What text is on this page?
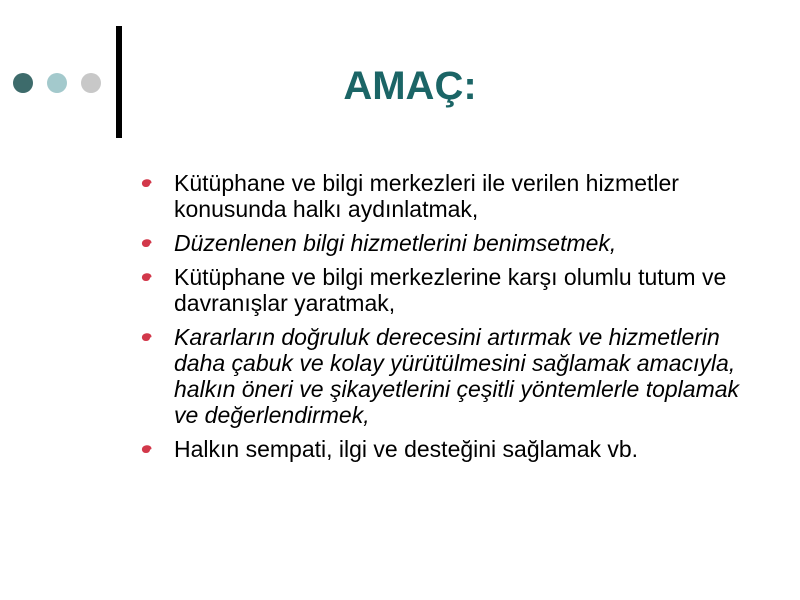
AMAÇ:
Kütüphane ve bilgi merkezleri ile verilen hizmetler konusunda halkı aydınlatmak,
Düzenlenen bilgi hizmetlerini benimsetmek,
Kütüphane ve bilgi merkezlerine karşı olumlu tutum ve davranışlar yaratmak,
Kararların doğruluk derecesini artırmak ve hizmetlerin daha çabuk ve kolay yürütülmesini sağlamak amacıyla, halkın öneri ve şikayetlerini çeşitli yöntemlerle toplamak ve değerlendirmek,
Halkın sempati, ilgi ve desteğini sağlamak vb.
